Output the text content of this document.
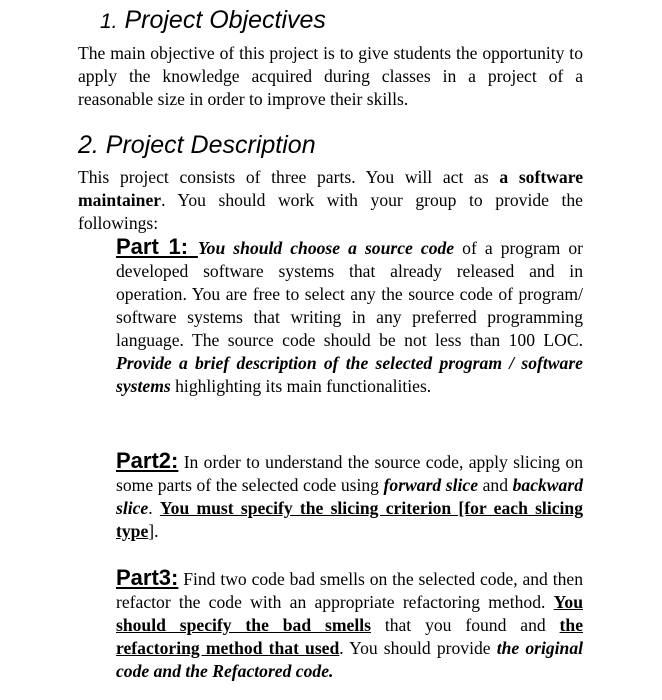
1. Project Objectives

The main objective of this project is to give students the opportunity to apply the knowledge acquired during classes in a project of a reasonable size in order to improve their skills.

2. Project Description

This project consists of three parts. You will act as a software maintainer. You should work with your group to provide the followings:

Part 1: You should choose a source code of a program or developed software systems that already released and in operation. You are free to select any the source code of program/ software systems that writing in any preferred programming language. The source code should be not less than 100 LOC. Provide a brief description of the selected program / software systems highlighting its main functionalities.

Part2: In order to understand the source code, apply slicing on some parts of the selected code using forward slice and backward slice. You must specify the slicing criterion [for each slicing type].

Part3: Find two code bad smells on the selected code, and then refactor the code with an appropriate refactoring method. You should specify the bad smells that you found and the refactoring method that used. You should provide the original code and the Refactored code.
